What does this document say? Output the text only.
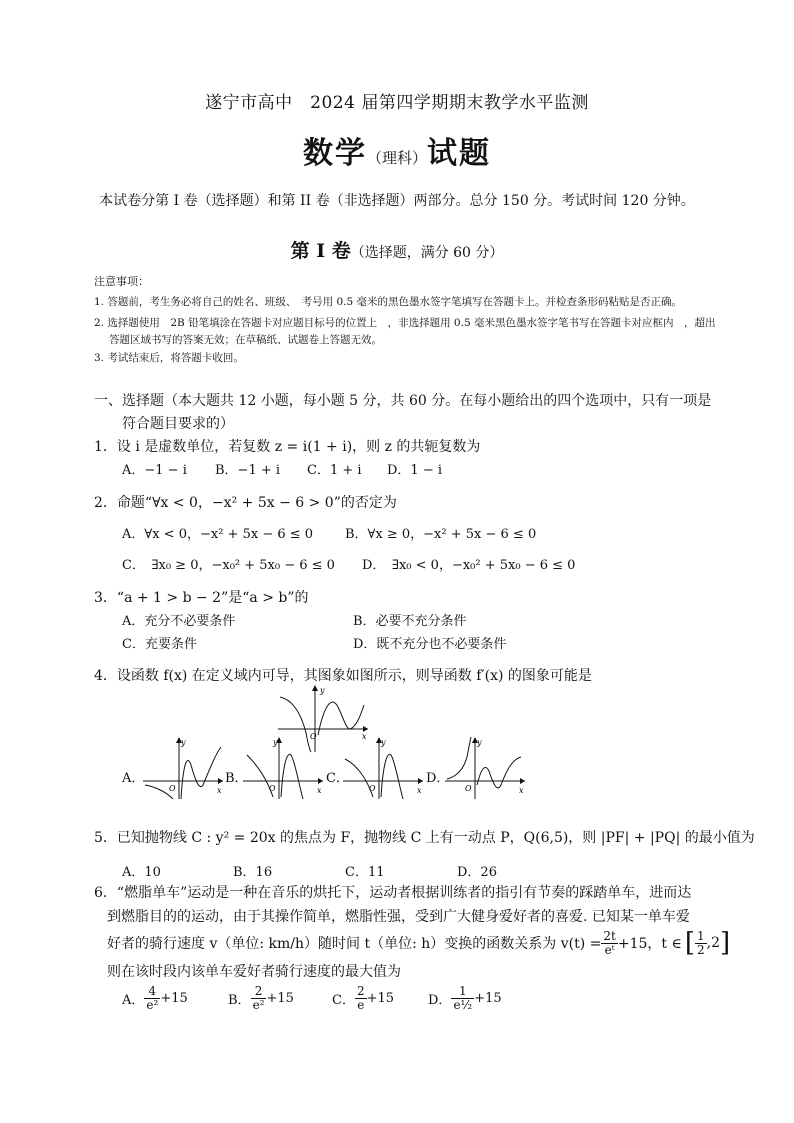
遂宁市高中　2024 届第四学期期末教学水平监测
数学（理科）试题
本试卷分第 I 卷（选择题）和第 II 卷（非选择题）两部分。总分 150 分。考试时间 120 分钟。
第 I 卷（选择题，满分 60 分）
注意事项：
1. 答题前，考生务必将自己的姓名、班级、　考号用 0.5 毫米的黑色墨水签字笔填写在答题卡上。并检查条形码粘贴是否正确。
2. 选择题使用　2B 铅笔填涂在答题卡对应题目标号的位置上　，非选择题用 0.5 毫米黑色墨水签字笔书写在答题卡对应框内　，超出
答题区域书写的答案无效；在草稿纸、试题卷上答题无效。
3. 考试结束后，将答题卡收回。
一、选择题（本大题共 12 小题，每小题 5 分，共 60 分。在每小题给出的四个选项中，只有一项是
符合题目要求的）
1．设 i 是虚数单位，若复数 z = i(1 + i)，则 z 的共轭复数为
A．−1 − i B．−1 + i C．1 + i D．1 − i
2．命题“∀x < 0，−x² + 5x − 6 > 0”的否定为
A．∀x < 0，−x² + 5x − 6 ≤ 0 B．∀x ≥ 0，−x² + 5x − 6 ≤ 0
C．　∃x₀ ≥ 0，−x₀² + 5x₀ − 6 ≤ 0 D．　∃x₀ < 0，−x₀² + 5x₀ − 6 ≤ 0
3．“a + 1 > b − 2”是“a > b”的
A．充分不必要条件	B．必要不充分条件
C．充要条件	D．既不充分也不必要条件
4．设函数 f(x) 在定义域内可导，其图象如图所示，则导函数 f′(x) 的图象可能是
y
x
O
A．
y
x
O
B．
y
x
O
C．
y
x
O
D．
y
x
O
5．已知抛物线 C : y² = 20x 的焦点为 F，抛物线 C 上有一动点 P，Q(6,5)，则 |PF| + |PQ| 的最小值为
A．10	B．16	C．11	D．26
6．“燃脂单车”运动是一种在音乐的烘托下，运动者根据训练者的指引有节奏的踩踏单车，进而达
到燃脂目的的运动，由于其操作简单，燃脂性强，受到广大健身爱好者的喜爱. 已知某一单车爱
好者的骑行速度 v（单位: km/h）随时间 t（单位: h）变换的函数关系为 $v(t) = \frac{2t}{\text{eᵗ}} +15$，t ∈ [ $\frac{1}{2} ,2$ ]
则在该时段内该单车爱好者骑行速度的最大值为
A． $\frac{4}{\text{e²}} +15$	B． $\frac{2}{\text{e²}} +15$	C． $\frac{2}{e} +15$	D． $\frac{1}{\text{e½}} +15$
